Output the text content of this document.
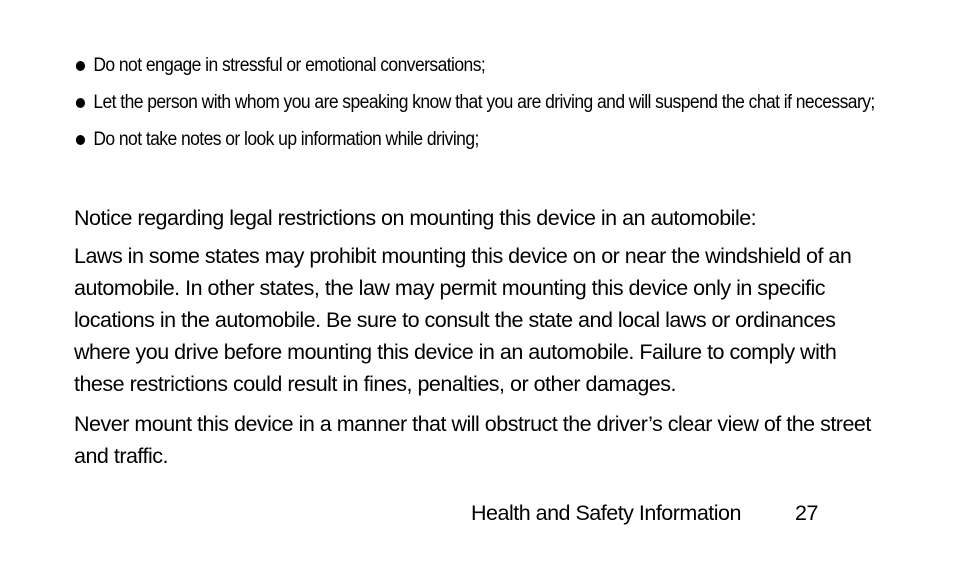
Do not engage in stressful or emotional conversations;
Let the person with whom you are speaking know that you are driving and will suspend the chat if necessary;
Do not take notes or look up information while driving;

Notice regarding legal restrictions on mounting this device in an automobile:

Laws in some states may prohibit mounting this device on or near the windshield of an automobile. In other states, the law may permit mounting this device only in specific locations in the automobile. Be sure to consult the state and local laws or ordinances where you drive before mounting this device in an automobile. Failure to comply with these restrictions could result in fines, penalties, or other damages.

Never mount this device in a manner that will obstruct the driver’s clear view of the street and traffic.

Health and Safety Information	27
